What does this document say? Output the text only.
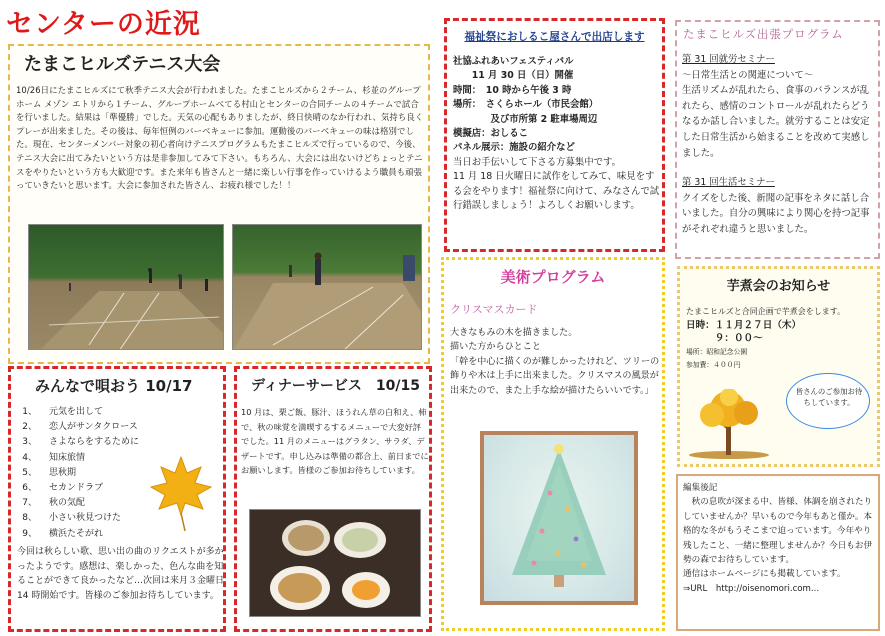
センターの近況
たまこヒルズテニス大会
10/26日にたまこヒルズにて秋季テニス大会が行われました。たまこヒルズから２チーム、杉並のグループホーム メゾン エトリから１チーム、グループホームべてる村山とセンターの合同チームの４チームで試合を行いました。結果は「準優勝」でした。天気の心配もありましたが、終日快晴のなか行われ、気持ち良くプレーが出来ました。その後は、毎年恒例のバーベキューに参加。運動後のバーベキューの味は格別でした。現在、センターメンバー対象の初心者向けテニスプログラムもたまこヒルズで行っているので、今後、テニス大会に出てみたいという方は是非参加してみて下さい。もちろん、大会には出ないけどちょっとテニスをやりたいという方も大歓迎です。また来年も皆さんと一緒に楽しい行事を作っていけるよう職員も頑張っていきたいと思います。大会に参加された皆さん、お疲れ様でした！！
福祉祭におしるこ屋さんで出店します
社協ふれあいフェスティバル
　　11 月 30 日（日）開催
時間：　10 時から午後 3 時
場所：　さくらホール（市民会館）
　　　　及び市所第 2 駐車場周辺
模擬店：おしるこ
パネル展示：施設の紹介など
当日お手伝いして下さる方募集中です。
11 月 18 日火曜日に試作をしてみて、味見をする会をやります！福祉祭に向けて、みなさんで試行錯誤しましょう！よろしくお願いします。
たまこヒルズ出張プログラム
第 31 回就労セミナー
～日常生活との関連について～
生活リズムが乱れたら、食事のバランスが乱れたら、感情のコントロールが乱れたらどうなるか話し合いました。就労することは安定した日常生活から始まることを改めて実感しました。
第 31 回生活セミナー
クイズをした後、新聞の記事をネタに話し合いました。自分の興味により関心を持つ記事がそれぞれ違うと思いました。
美術プログラム
クリスマスカード
大きなもみの木を描きました。
描いた方からひとこと
「幹を中心に描くのが難しかったけれど、ツリーの飾りや木は上手に出来ました。クリスマスの風景が出来たので、また上手な絵が描けたらいいです。」
芋煮会のお知らせ
たまこヒルズと合同企画で芋煮会をします。
日時：１１月２７日（木）
　　　９：００～
場所：昭和記念公園
参加費：４００円
皆さんのご参加お待ちしています。
編集後記
　秋の息吹が深まる中、皆様、体調を崩されたりしていませんか？早いもので今年もあと僅か。本格的な冬がもうそこまで迫っています。今年やり残したこと、一緒に整理しませんか？今日もお伊勢の森でお待ちしています。
通信はホームページにも掲載しています。
⇒URL　http://oisenomori.com...
みんなで唄おう 10/17
1、	元気を出して
2、	恋人がサンタクロース
3、	さよならをするために
4、	知床旅情
5、	思秋期
6、	セカンドラブ
7、	秋の気配
8、	小さい秋見つけた
9、	横浜たそがれ
今回は秋らしい歌、思い出の曲のリクエストが多かったようです。感想は、楽しかった、色んな曲を知ることができて良かったなど…次回は来月３金曜日 14 時開始です。皆様のご参加お待ちしています。
ディナーサービス　10/15
10 月は、栗ご飯、豚汁、ほうれん草の白和え、柿で、秋の味覚を満喫するするメニューで大変好評でした。11 月のメニューはグラタン、サラダ、デザートです。申し込みは準備の都合上、前日までにお願いします。皆様のご参加お待ちしています。
